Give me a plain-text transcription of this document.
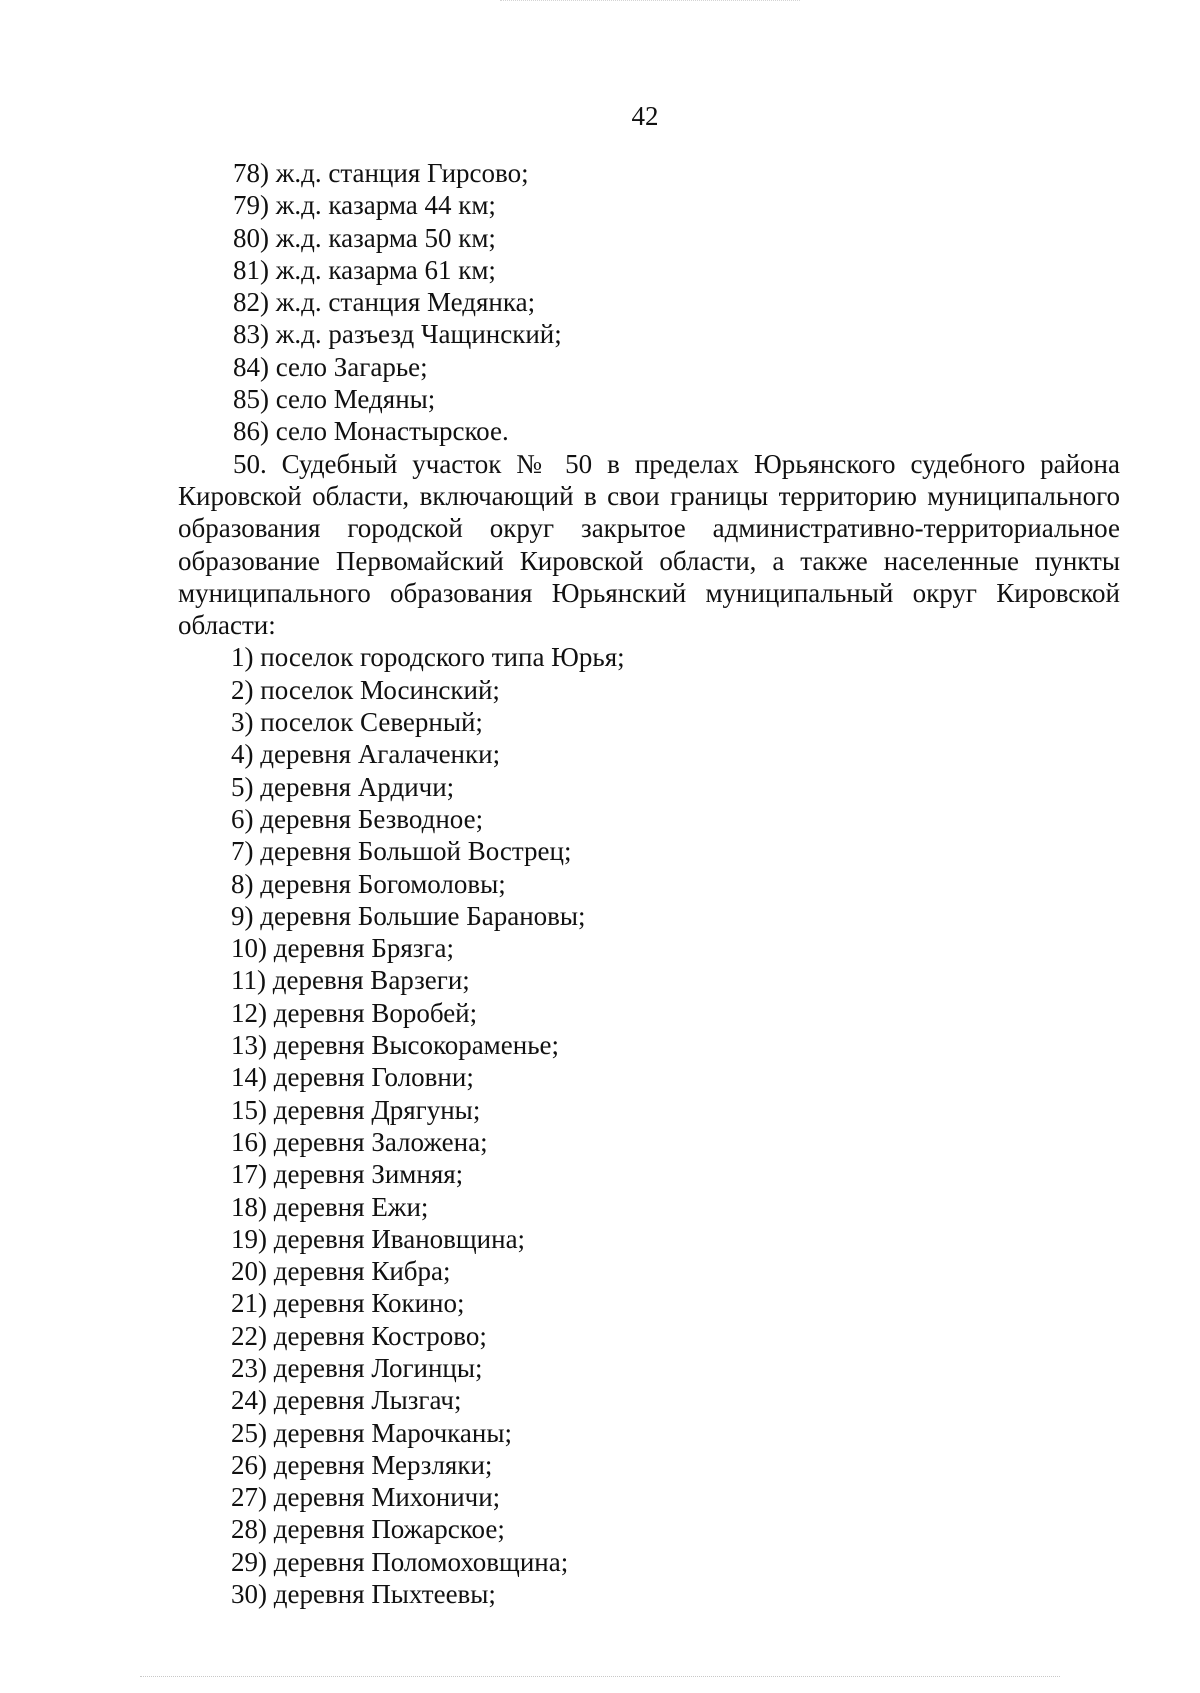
42
78) ж.д. станция Гирсово;
79) ж.д. казарма 44 км;
80) ж.д. казарма 50 км;
81) ж.д. казарма 61 км;
82) ж.д. станция Медянка;
83) ж.д. разъезд Чащинский;
84) село Загарье;
85) село Медяны;
86) село Монастырское.

50. Судебный участок № 50 в пределах Юрьянского судебного района Кировской области, включающий в свои границы территорию муниципального образования городской округ закрытое административно-территориальное образование Первомайский Кировской области, а также населенные пункты муниципального образования Юрьянский муниципальный округ Кировской области:

1) поселок городского типа Юрья;
2) поселок Мосинский;
3) поселок Северный;
4) деревня Агалаченки;
5) деревня Ардичи;
6) деревня Безводное;
7) деревня Большой Вострец;
8) деревня Богомоловы;
9) деревня Большие Барановы;
10) деревня Брязга;
11) деревня Варзеги;
12) деревня Воробей;
13) деревня Высокораменье;
14) деревня Головни;
15) деревня Дрягуны;
16) деревня Заложена;
17) деревня Зимняя;
18) деревня Ежи;
19) деревня Ивановщина;
20) деревня Кибра;
21) деревня Кокино;
22) деревня Кострово;
23) деревня Логинцы;
24) деревня Лызгач;
25) деревня Марочканы;
26) деревня Мерзляки;
27) деревня Михоничи;
28) деревня Пожарское;
29) деревня Поломоховщина;
30) деревня Пыхтеевы;
